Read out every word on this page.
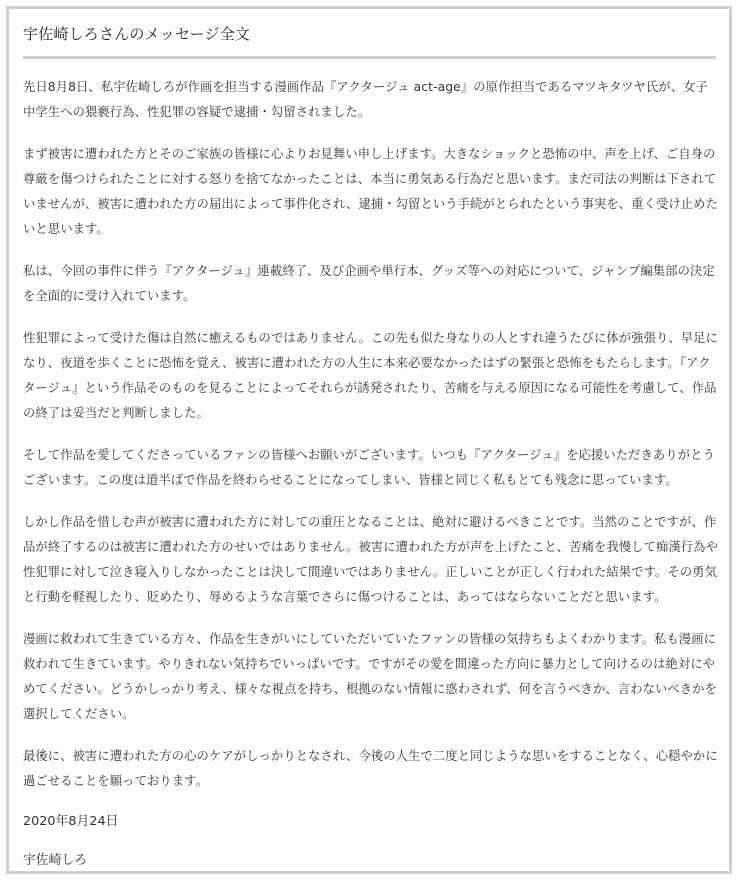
宇佐崎しろさんのメッセージ全文

先日8月8日、私宇佐崎しろが作画を担当する漫画作品『アクタージュ act-age』の原作担当であるマツキタツヤ氏が、女子中学生への猥褻行為、性犯罪の容疑で逮捕・勾留されました。

まず被害に遭われた方とそのご家族の皆様に心よりお見舞い申し上げます。大きなショックと恐怖の中、声を上げ、ご自身の尊厳を傷つけられたことに対する怒りを捨てなかったことは、本当に勇気ある行為だと思います。まだ司法の判断は下されていませんが、被害に遭われた方の届出によって事件化され、逮捕・勾留という手続がとられたという事実を、重く受け止めたいと思います。

私は、今回の事件に伴う『アクタージュ』連載終了、及び企画や単行本、グッズ等への対応について、ジャンプ編集部の決定を全面的に受け入れています。

性犯罪によって受けた傷は自然に癒えるものではありません。この先も似た身なりの人とすれ違うたびに体が強張り、早足になり、夜道を歩くことに恐怖を覚え、被害に遭われた方の人生に本来必要なかったはずの緊張と恐怖をもたらします。『アクタージュ』という作品そのものを見ることによってそれらが誘発されたり、苦痛を与える原因になる可能性を考慮して、作品の終了は妥当だと判断しました。

そして作品を愛してくださっているファンの皆様へお願いがございます。いつも『アクタージュ』を応援いただきありがとうございます。この度は道半ばで作品を終わらせることになってしまい、皆様と同じく私もとても残念に思っています。

しかし作品を惜しむ声が被害に遭われた方に対しての重圧となることは、絶対に避けるべきことです。当然のことですが、作品が終了するのは被害に遭われた方のせいではありません。被害に遭われた方が声を上げたこと、苦痛を我慢して痴漢行為や性犯罪に対して泣き寝入りしなかったことは決して間違いではありません。正しいことが正しく行われた結果です。その勇気と行動を軽視したり、貶めたり、辱めるような言葉でさらに傷つけることは、あってはならないことだと思います。

漫画に救われて生きている方々、作品を生きがいにしていただいていたファンの皆様の気持ちもよくわかります。私も漫画に救われて生きています。やりきれない気持ちでいっぱいです。ですがその愛を間違った方向に暴力として向けるのは絶対にやめてください。どうかしっかり考え、様々な視点を持ち、根拠のない情報に惑わされず、何を言うべきか、言わないべきかを選択してください。

最後に、被害に遭われた方の心のケアがしっかりとなされ、今後の人生で二度と同じような思いをすることなく、心穏やかに過ごせることを願っております。

2020年8月24日

宇佐崎しろ
